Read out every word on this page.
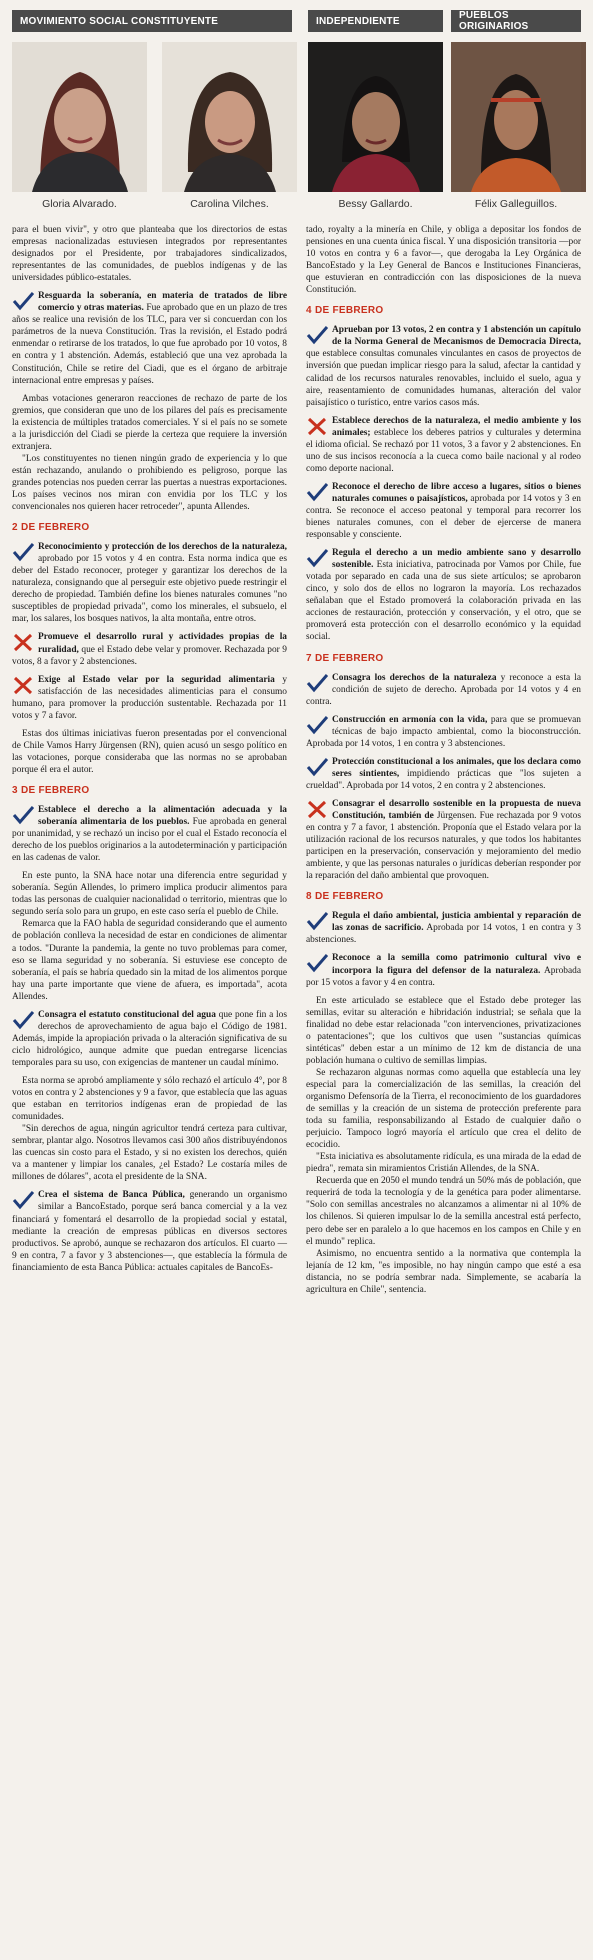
MOVIMIENTO SOCIAL CONSTITUYENTE	INDEPENDIENTE	PUEBLOS ORIGINARIOS
Gloria Alvarado.	Carolina Vilches.	Bessy Gallardo.	Félix Galleguillos.

para el buen vivir", y otro que planteaba que los directorios de estas empresas nacionalizadas estuviesen integrados por representantes designados por el Presidente, por trabajadores sindicalizados, representantes de las comunidades, de pueblos indígenas y de las universidades público-estatales.

Resguarda la soberanía, en materia de tratados de libre comercio y otras materias. Fue aprobado que en un plazo de tres años se realice una revisión de los TLC, para ver si concuerdan con los parámetros de la nueva Constitución. Tras la revisión, el Estado podrá enmendar o retirarse de los tratados, lo que fue aprobado por 10 votos, 8 en contra y 1 abstención. Además, estableció que una vez aprobada la Constitución, Chile se retire del Ciadi, que es el órgano de arbitraje internacional entre empresas y países.

Ambas votaciones generaron reacciones de rechazo de parte de los gremios, que consideran que uno de los pilares del país es precisamente la existencia de múltiples tratados comerciales. Y si el país no se somete a la jurisdicción del Ciadi se pierde la certeza que requiere la inversión extranjera.

"Los constituyentes no tienen ningún grado de experiencia y lo que están rechazando, anulando o prohibiendo es peligroso, porque las grandes potencias nos pueden cerrar las puertas a nuestras exportaciones. Los países vecinos nos miran con envidia por los TLC y los convencionales nos quieren hacer retroceder", apunta Allendes.

2 DE FEBRERO
Reconocimiento y protección de los derechos de la naturaleza, aprobado por 15 votos y 4 en contra. Esta norma indica que es deber del Estado reconocer, proteger y garantizar los derechos de la naturaleza, consignando que al perseguir este objetivo puede restringir el derecho de propiedad. También define los bienes naturales comunes "no susceptibles de propiedad privada", como los minerales, el subsuelo, el mar, los salares, los bosques nativos, la alta montaña, entre otros.
Promueve el desarrollo rural y actividades propias de la ruralidad, que el Estado debe velar y promover. Rechazada por 9 votos, 8 a favor y 2 abstenciones.
Exige al Estado velar por la seguridad alimentaria y satisfacción de las necesidades alimenticias para el consumo humano, para promover la producción sustentable. Rechazada por 11 votos y 7 a favor.

Estas dos últimas iniciativas fueron presentadas por el convencional de Chile Vamos Harry Jürgensen (RN), quien acusó un sesgo político en las votaciones, porque consideraba que las normas no se aprobaban porque él era el autor.

3 DE FEBRERO
Establece el derecho a la alimentación adecuada y la soberanía alimentaria de los pueblos. Fue aprobada en general por unanimidad, y se rechazó un inciso por el cual el Estado reconocía el derecho de los pueblos originarios a la autodeterminación y participación en las cadenas de valor.

En este punto, la SNA hace notar una diferencia entre seguridad y soberanía. Según Allendes, lo primero implica producir alimentos para todas las personas de cualquier nacionalidad o territorio, mientras que lo segundo sería solo para un grupo, en este caso sería el pueblo de Chile.

Remarca que la FAO habla de seguridad considerando que el aumento de población conlleva la necesidad de estar en condiciones de alimentar a todos. "Durante la pandemia, la gente no tuvo problemas para comer, eso se llama seguridad y no soberanía. Si estuviese ese concepto de soberanía, el país se habría quedado sin la mitad de los alimentos porque hay una parte importante que viene de afuera, es importada", acota Allendes.

Consagra el estatuto constitucional del agua que pone fin a los derechos de aprovechamiento de agua bajo el Código de 1981. Además, impide la apropiación privada o la alteración significativa de su ciclo hidrológico, aunque admite que puedan entregarse licencias temporales para su uso, con exigencias de mantener un caudal mínimo.

Esta norma se aprobó ampliamente y sólo rechazó el artículo 4°, por 8 votos en contra y 2 abstenciones y 9 a favor, que establecía que las aguas que estaban en territorios indígenas eran de propiedad de las comunidades.

"Sin derechos de agua, ningún agricultor tendrá certeza para cultivar, sembrar, plantar algo. Nosotros llevamos casi 300 años distribuyéndonos las cuencas sin costo para el Estado, y si no existen los derechos, quién va a mantener y limpiar los canales, ¿el Estado? Le costaría miles de millones de dólares", acota el presidente de la SNA.

Crea el sistema de Banca Pública, generando un organismo similar a BancoEstado, porque será banca comercial y a la vez financiará y fomentará el desarrollo de la propiedad social y estatal, mediante la creación de empresas públicas en diversos sectores productivos. Se aprobó, aunque se rechazaron dos artículos. El cuarto —9 en contra, 7 a favor y 3 abstenciones—, que establecía la fórmula de financiamiento de esta Banca Pública: actuales capitales de BancoEs-

tado, royalty a la minería en Chile, y obliga a depositar los fondos de pensiones en una cuenta única fiscal. Y una disposición transitoria —por 10 votos en contra y 6 a favor—, que derogaba la Ley Orgánica de BancoEstado y la Ley General de Bancos e Instituciones Financieras, que estuvieran en contradicción con las disposiciones de la nueva Constitución.

4 DE FEBRERO
Aprueban por 13 votos, 2 en contra y 1 abstención un capítulo de la Norma General de Mecanismos de Democracia Directa, que establece consultas comunales vinculantes en casos de proyectos de inversión que puedan implicar riesgo para la salud, afectar la cantidad y calidad de los recursos naturales renovables, incluido el suelo, agua y aire, reasentamiento de comunidades humanas, alteración del valor paisajístico o turístico, entre varios casos más.
Establece derechos de la naturaleza, el medio ambiente y los animales; establece los deberes patrios y culturales y determina el idioma oficial. Se rechazó por 11 votos, 3 a favor y 2 abstenciones. En uno de sus incisos reconocía a la cueca como baile nacional y al rodeo como deporte nacional.
Reconoce el derecho de libre acceso a lugares, sitios o bienes naturales comunes o paisajísticos, aprobada por 14 votos y 3 en contra. Se reconoce el acceso peatonal y temporal para recorrer los bienes naturales comunes, con el deber de ejercerse de manera responsable y consciente.
Regula el derecho a un medio ambiente sano y desarrollo sostenible. Esta iniciativa, patrocinada por Vamos por Chile, fue votada por separado en cada una de sus siete artículos; se aprobaron cinco, y solo dos de ellos no lograron la mayoría. Los rechazados señalaban que el Estado promoverá la colaboración privada en las acciones de restauración, protección y conservación, y el otro, que se promoverá esta protección con el desarrollo económico y la equidad social.
7 DE FEBRERO
Consagra los derechos de la naturaleza y reconoce a esta la condición de sujeto de derecho. Aprobada por 14 votos y 4 en contra.
Construcción en armonía con la vida, para que se promuevan técnicas de bajo impacto ambiental, como la bioconstrucción. Aprobada por 14 votos, 1 en contra y 3 abstenciones.
Protección constitucional a los animales, que los declara como seres sintientes, impidiendo prácticas que "los sujeten a crueldad". Aprobada por 14 votos, 2 en contra y 2 abstenciones.
Consagrar el desarrollo sostenible en la propuesta de nueva Constitución, también de Jürgensen. Fue rechazada por 9 votos en contra y 7 a favor, 1 abstención. Proponía que el Estado velara por la utilización racional de los recursos naturales, y que todos los habitantes participen en la preservación, conservación y mejoramiento del medio ambiente, y que las personas naturales o jurídicas deberían responder por la reparación del daño ambiental que provoquen.
8 DE FEBRERO
Regula el daño ambiental, justicia ambiental y reparación de las zonas de sacrificio. Aprobada por 14 votos, 1 en contra y 3 abstenciones.
Reconoce a la semilla como patrimonio cultural vivo e incorpora la figura del defensor de la naturaleza. Aprobada por 15 votos a favor y 4 en contra.

En este articulado se establece que el Estado debe proteger las semillas, evitar su alteración e hibridación industrial; se señala que la finalidad no debe estar relacionada "con intervenciones, privatizaciones o patentaciones"; que los cultivos que usen "sustancias químicas sintéticas" deben estar a un mínimo de 12 km de distancia de una población humana o cultivo de semillas limpias.

Se rechazaron algunas normas como aquella que establecía una ley especial para la comercialización de las semillas, la creación del organismo Defensoría de la Tierra, el reconocimiento de los guardadores de semillas y la creación de un sistema de protección preferente para toda su familia, responsabilizando al Estado de cualquier daño o perjuicio. Tampoco logró mayoría el artículo que crea el delito de ecocidio.

"Esta iniciativa es absolutamente ridícula, es una mirada de la edad de piedra", remata sin miramientos Cristián Allendes, de la SNA.

Recuerda que en 2050 el mundo tendrá un 50% más de población, que requerirá de toda la tecnología y de la genética para poder alimentarse. "Solo con semillas ancestrales no alcanzamos a alimentar ni al 10% de los chilenos. Si quieren impulsar lo de la semilla ancestral está perfecto, pero debe ser en paralelo a lo que hacemos en los campos en Chile y en el mundo" replica.

Asimismo, no encuentra sentido a la normativa que contempla la lejanía de 12 km, "es imposible, no hay ningún campo que esté a esa distancia, no se podría sembrar nada. Simplemente, se acabaría la agricultura en Chile", sentencia.
